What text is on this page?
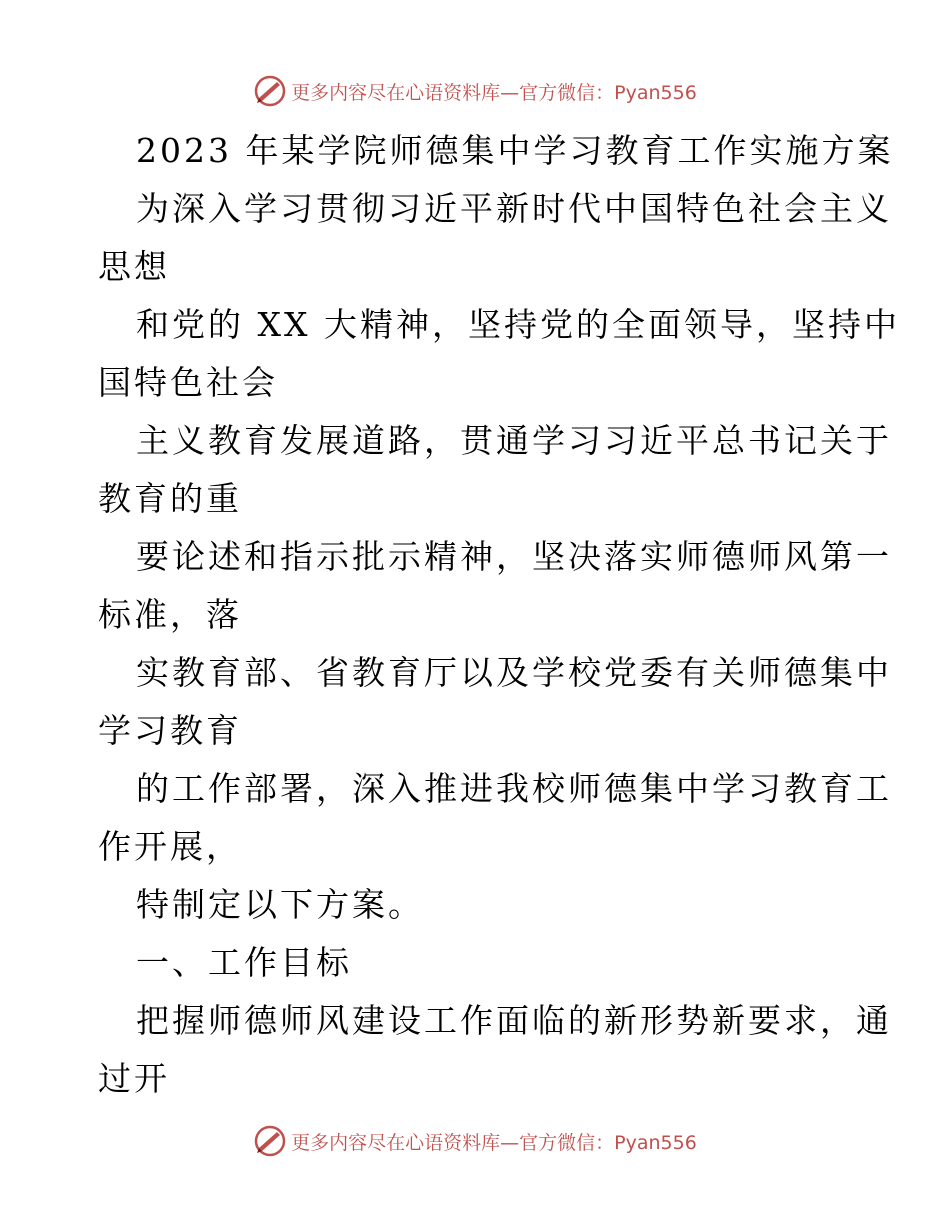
更多内容尽在心语资料库—官方微信：Pyan556
2023 年某学院师德集中学习教育工作实施方案
为深入学习贯彻习近平新时代中国特色社会主义
思想
和党的 XX 大精神，坚持党的全面领导，坚持中
国特色社会
主义教育发展道路，贯通学习习近平总书记关于
教育的重
要论述和指示批示精神，坚决落实师德师风第一
标准，落
实教育部、省教育厅以及学校党委有关师德集中
学习教育
的工作部署，深入推进我校师德集中学习教育工
作开展，
特制定以下方案。
一、工作目标
把握师德师风建设工作面临的新形势新要求，通
过开
更多内容尽在心语资料库—官方微信：Pyan556
